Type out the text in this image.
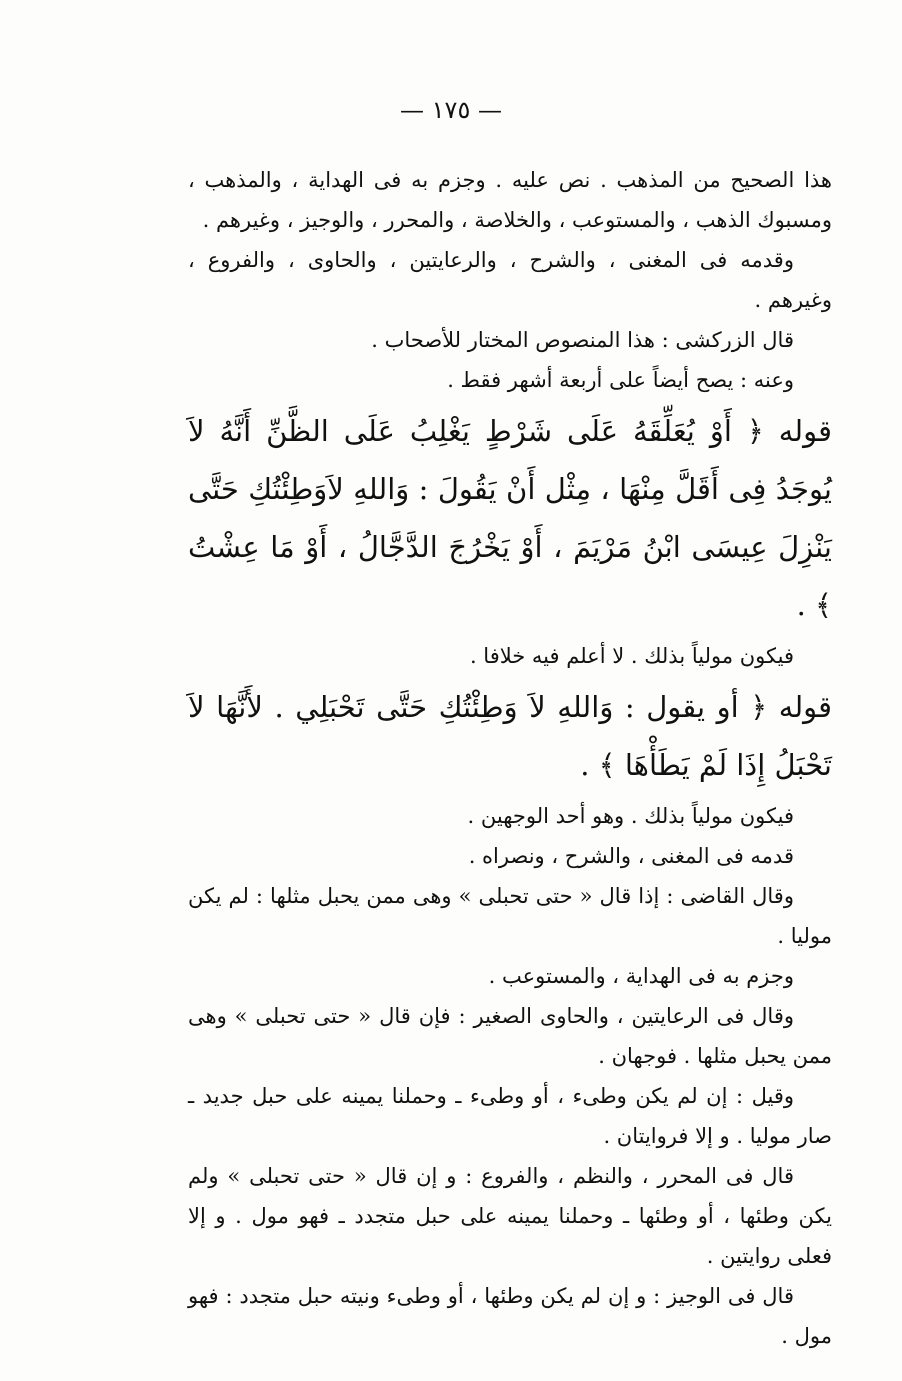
— ١٧٥ —

هذا الصحيح من المذهب . نص عليه . وجزم به فى الهداية ، والمذهب ، ومسبوك الذهب ، والمستوعب ، والخلاصة ، والمحرر ، والوجيز ، وغيرهم .

وقدمه فى المغنى ، والشرح ، والرعايتين ، والحاوى ، والفروع ، وغيرهم .

قال الزركشى : هذا المنصوص المختار للأصحاب .

وعنه : يصح أيضاً على أربعة أشهر فقط .

قوله ﴿ أَوْ يُعَلِّقَهُ عَلَى شَرْطٍ يَغْلِبُ عَلَى الظَّنِّ أَنَّهُ لاَ يُوجَدُ فِى أَقَلَّ مِنْهَا ، مِثْل أَنْ يَقُولَ : وَاللهِ لاَوَطِئْتُكِ حَتَّى يَنْزِلَ عِيسَى ابْنُ مَرْيَمَ ، أَوْ يَخْرُجَ الدَّجَّالُ ، أَوْ مَا عِشْتُ ﴾ .

فيكون مولياً بذلك . لا أعلم فيه خلافا .

قوله ﴿ أو يقول : وَاللهِ لاَ وَطِئْتُكِ حَتَّى تَحْبَلِي . لأَنَّهَا لاَ تَحْبَلُ إِذَا لَمْ يَطَأْهَا ﴾ .

فيكون مولياً بذلك . وهو أحد الوجهين .

قدمه فى المغنى ، والشرح ، ونصراه .

وقال القاضى : إذا قال « حتى تحبلى » وهى ممن يحبل مثلها : لم يكن موليا .

وجزم به فى الهداية ، والمستوعب .

وقال فى الرعايتين ، والحاوى الصغير : فإن قال « حتى تحبلى » وهى ممن يحبل مثلها . فوجهان .

وقيل : إن لم يكن وطىء ، أو وطىء ـ وحملنا يمينه على حبل جديد ـ صار موليا . و إلا فروايتان .

قال فى المحرر ، والنظم ، والفروع : و إن قال « حتى تحبلى » ولم يكن وطئها ، أو وطئها ـ وحملنا يمينه على حبل متجدد ـ فهو مول . و إلا فعلى روايتين .

قال فى الوجيز : و إن لم يكن وطئها ، أو وطىء ونيته حبل متجدد : فهو مول .
